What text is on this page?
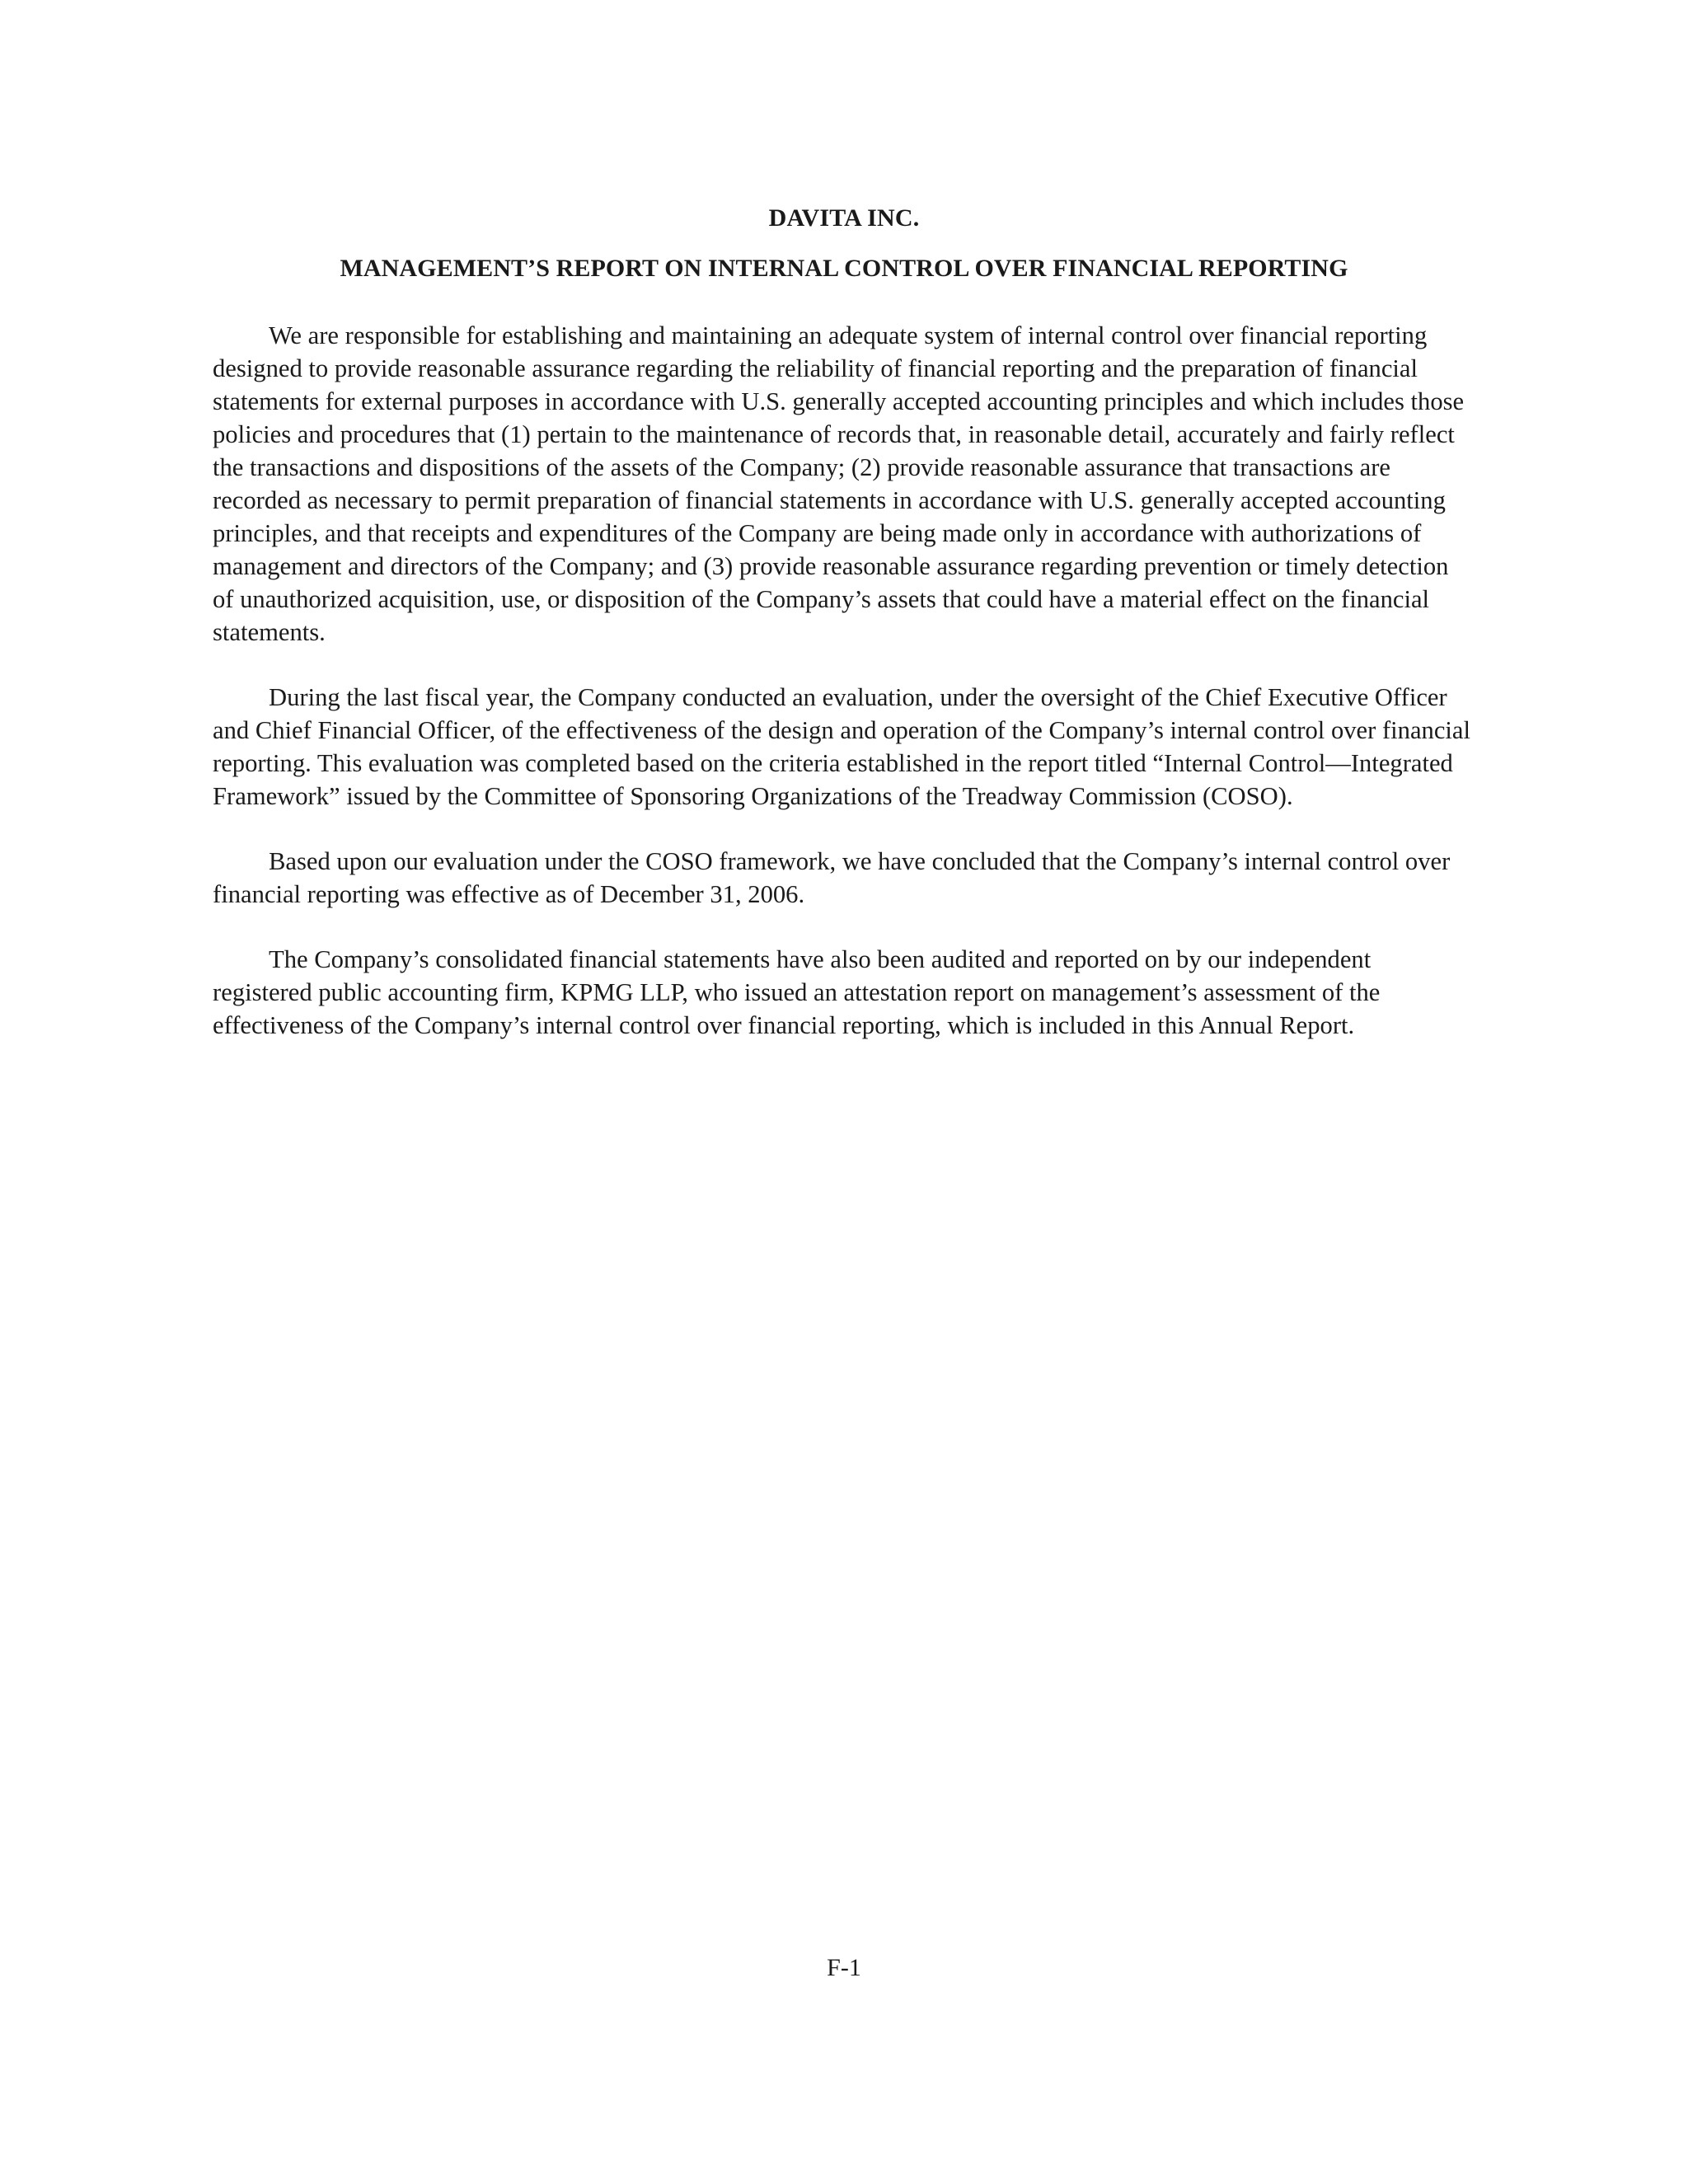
DAVITA INC.
MANAGEMENT’S REPORT ON INTERNAL CONTROL OVER FINANCIAL REPORTING

We are responsible for establishing and maintaining an adequate system of internal control over financial reporting designed to provide reasonable assurance regarding the reliability of financial reporting and the preparation of financial statements for external purposes in accordance with U.S. generally accepted accounting principles and which includes those policies and procedures that (1) pertain to the maintenance of records that, in reasonable detail, accurately and fairly reflect the transactions and dispositions of the assets of the Company; (2) provide reasonable assurance that transactions are recorded as necessary to permit preparation of financial statements in accordance with U.S. generally accepted accounting principles, and that receipts and expenditures of the Company are being made only in accordance with authorizations of management and directors of the Company; and (3) provide reasonable assurance regarding prevention or timely detection of unauthorized acquisition, use, or disposition of the Company’s assets that could have a material effect on the financial statements.

During the last fiscal year, the Company conducted an evaluation, under the oversight of the Chief Executive Officer and Chief Financial Officer, of the effectiveness of the design and operation of the Company’s internal control over financial reporting. This evaluation was completed based on the criteria established in the report titled “Internal Control—Integrated Framework” issued by the Committee of Sponsoring Organizations of the Treadway Commission (COSO).

Based upon our evaluation under the COSO framework, we have concluded that the Company’s internal control over financial reporting was effective as of December 31, 2006.

The Company’s consolidated financial statements have also been audited and reported on by our independent registered public accounting firm, KPMG LLP, who issued an attestation report on management’s assessment of the effectiveness of the Company’s internal control over financial reporting, which is included in this Annual Report.

F-1
